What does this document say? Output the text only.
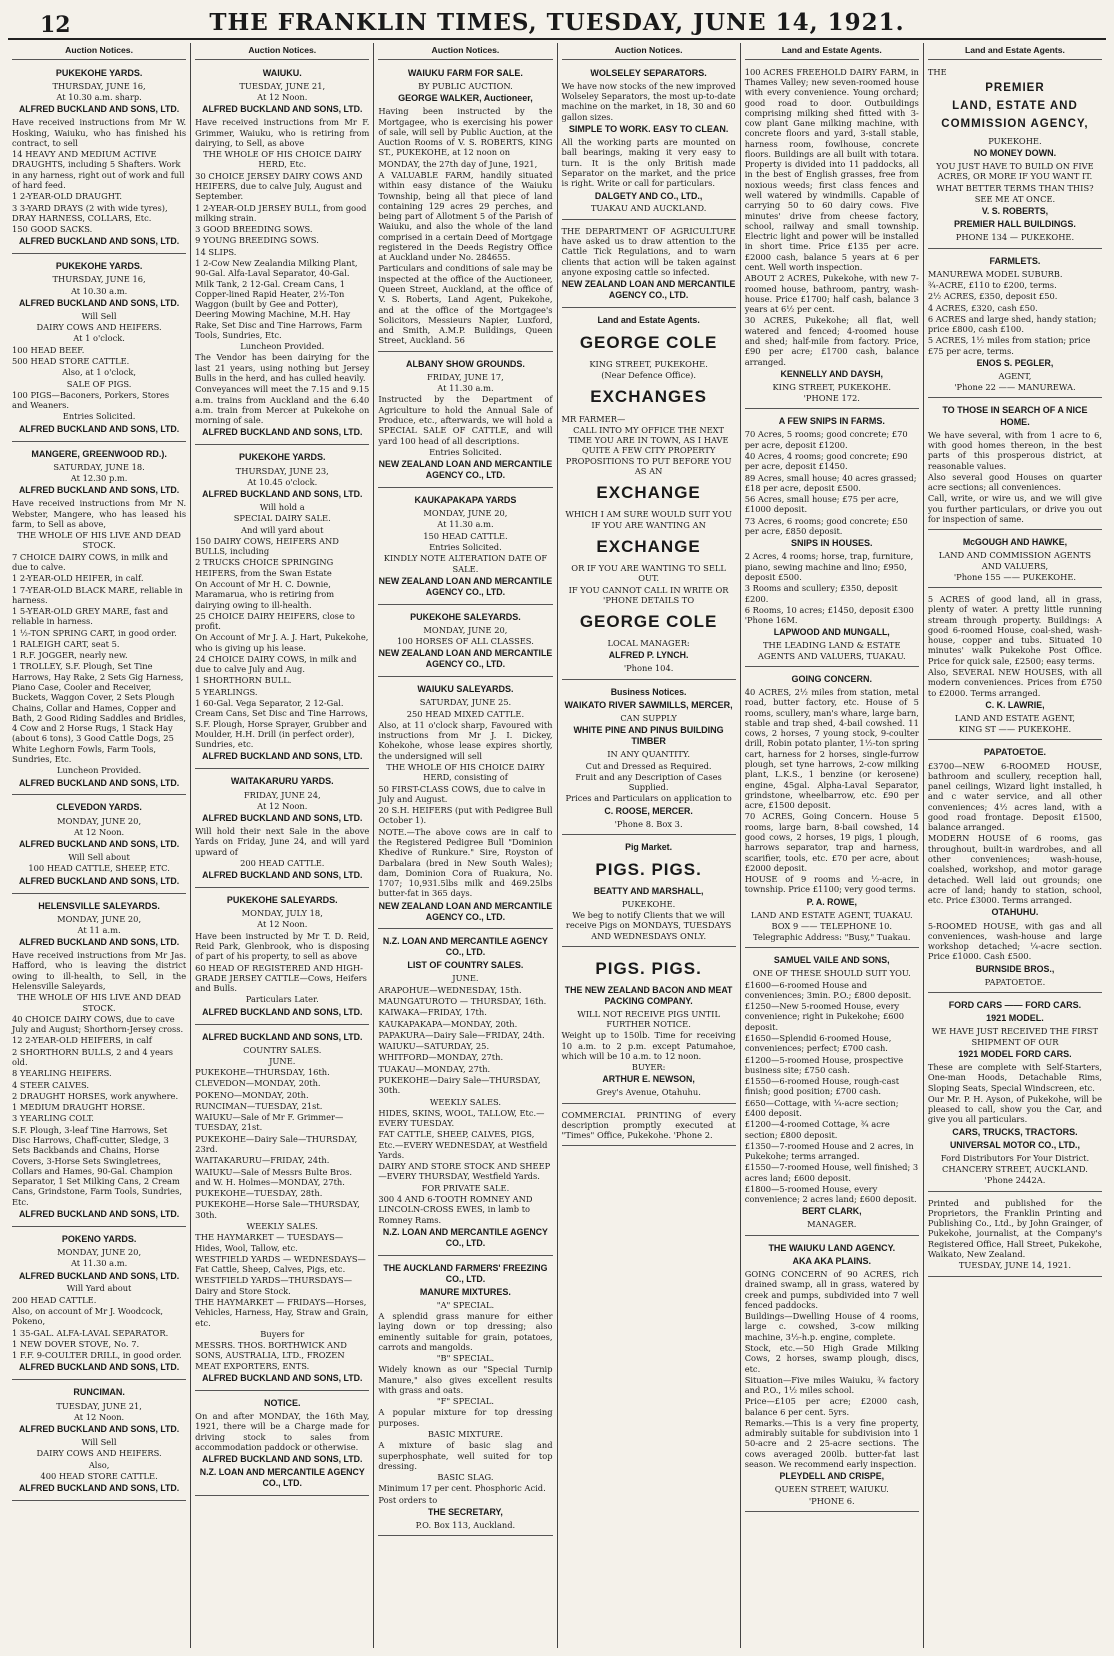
12	THE FRANKLIN TIMES, TUESDAY, JUNE 14, 1921.
Auction Notices.
PUKEKOHE YARDS.
THURSDAY, JUNE 16,
At 10.30 a.m. sharp.
ALFRED BUCKLAND AND SONS, LTD.
Have received instructions from Mr W. Hosking, Waiuku, who has finished his contract, to sell
14 HEAVY AND MEDIUM ACTIVE DRAUGHTS, including 5 Shafters. Work in any harness, right out of work and full of hard feed.
1 2-YEAR-OLD DRAUGHT.
3 3-YARD DRAYS (2 with wide tyres), DRAY HARNESS, COLLARS, Etc.
150 GOOD SACKS.
ALFRED BUCKLAND AND SONS, LTD.
PUKEKOHE YARDS.
THURSDAY, JUNE 16,
At 10.30 a.m.
ALFRED BUCKLAND AND SONS, LTD.
Will Sell
DAIRY COWS AND HEIFERS.
At 1 o'clock.
100 HEAD BEEF.
500 HEAD STORE CATTLE.
Also, at 1 o'clock,
SALE OF PIGS.
100 PIGS—Baconers, Porkers, Stores and Weaners.
Entries Solicited.
ALFRED BUCKLAND AND SONS, LTD.
MANGERE, GREENWOOD RD.).
SATURDAY, JUNE 18.
At 12.30 p.m.
ALFRED BUCKLAND AND SONS, LTD.
Have received instructions from Mr N. Webster, Mangere, who has leased his farm, to Sell as above,
THE WHOLE OF HIS LIVE AND DEAD STOCK.
7 CHOICE DAIRY COWS, in milk and due to calve.
1 2-YEAR-OLD HEIFER, in calf.
1 7-YEAR-OLD BLACK MARE, reliable in harness.
1 5-YEAR-OLD GREY MARE, fast and reliable in harness.
1 ½-TON SPRING CART, in good order.
1 RALEIGH CART, seat 5.
1 R.F. JOGGER, nearly new.
1 TROLLEY, S.F. Plough, Set Tine Harrows, Hay Rake, 2 Sets Gig Harness, Piano Case, Cooler and Receiver, Buckets, Waggon Cover, 2 Sets Plough Chains, Collar and Hames, Copper and Bath, 2 Good Riding Saddles and Bridles, 4 Cow and 2 Horse Rugs, 1 Stack Hay (about 6 tons), 3 Good Cattle Dogs, 25 White Leghorn Fowls, Farm Tools, Sundries, Etc.
Luncheon Provided.
ALFRED BUCKLAND AND SONS, LTD.
CLEVEDON YARDS.
MONDAY, JUNE 20,
At 12 Noon.
ALFRED BUCKLAND AND SONS, LTD.
Will Sell about
100 HEAD CATTLE, SHEEP, ETC.
ALFRED BUCKLAND AND SONS, LTD.
HELENSVILLE SALEYARDS.
MONDAY, JUNE 20,
At 11 a.m.
ALFRED BUCKLAND AND SONS, LTD.
Have received instructions from Mr Jas. Hafford, who is leaving the district owing to ill-health, to Sell, in the Helensville Saleyards,
THE WHOLE OF HIS LIVE AND DEAD STOCK.
40 CHOICE DAIRY COWS, due to cave July and August; Shorthorn-Jersey cross.
12 2-YEAR-OLD HEIFERS, in calf
2 SHORTHORN BULLS, 2 and 4 years old.
8 YEARLING HEIFERS.
4 STEER CALVES.
2 DRAUGHT HORSES, work anywhere.
1 MEDIUM DRAUGHT HORSE.
3 YEARLING COLT.
S.F. Plough, 3-leaf Tine Harrows, Set Disc Harrows, Chaff-cutter, Sledge, 3 Sets Backbands and Chains, Horse Covers, 3-Horse Sets Swingletrees, Collars and Hames, 90-Gal. Champion Separator, 1 Set Milking Cans, 2 Cream Cans, Grindstone, Farm Tools, Sundries, Etc.
ALFRED BUCKLAND AND SONS, LTD.
POKENO YARDS.
MONDAY, JUNE 20,
At 11.30 a.m.
ALFRED BUCKLAND AND SONS, LTD.
Will Yard about
200 HEAD CATTLE.
Also, on account of Mr J. Woodcock, Pokeno,
1 35-GAL. ALFA-LAVAL SEPARATOR.
1 NEW DOVER STOVE, No. 7.
1 F.F. 9-COULTER DRILL, in good order.
ALFRED BUCKLAND AND SONS, LTD.
RUNCIMAN.
TUESDAY, JUNE 21,
At 12 Noon.
ALFRED BUCKLAND AND SONS, LTD.
Will Sell
DAIRY COWS AND HEIFERS.
Also,
400 HEAD STORE CATTLE.
ALFRED BUCKLAND AND SONS, LTD.
Auction Notices.
WAIUKU.
TUESDAY, JUNE 21,
At 12 Noon.
ALFRED BUCKLAND AND SONS, LTD.
Have received instructions from Mr F. Grimmer, Waiuku, who is retiring from dairying, to Sell, as above
THE WHOLE OF HIS CHOICE DAIRY HERD, Etc.
30 CHOICE JERSEY DAIRY COWS AND HEIFERS, due to calve July, August and September.
1 2-YEAR-OLD JERSEY BULL, from good milking strain.
3 GOOD BREEDING SOWS.
9 YOUNG BREEDING SOWS.
14 SLIPS.
1 2-Cow New Zealandia Milking Plant, 90-Gal. Alfa-Laval Separator, 40-Gal. Milk Tank, 2 12-Gal. Cream Cans, 1 Copper-lined Rapid Heater, 2½-Ton Waggon (built by Gee and Potter), Deering Mowing Machine, M.H. Hay Rake, Set Disc and Tine Harrows, Farm Tools, Sundries, Etc.
Luncheon Provided.
The Vendor has been dairying for the last 21 years, using nothing but Jersey Bulls in the herd, and has culled heavily.
Conveyances will meet the 7.15 and 9.15 a.m. trains from Auckland and the 6.40 a.m. train from Mercer at Pukekohe on morning of sale.
ALFRED BUCKLAND AND SONS, LTD.
PUKEKOHE YARDS.
THURSDAY, JUNE 23,
At 10.45 o'clock.
ALFRED BUCKLAND AND SONS, LTD.
Will hold a
SPECIAL DAIRY SALE.
And will yard about
150 DAIRY COWS, HEIFERS AND BULLS, including
2 TRUCKS CHOICE SPRINGING HEIFERS, from the Swan Estate
On Account of Mr H. C. Downie, Maramarua, who is retiring from dairying owing to ill-health.
25 CHOICE DAIRY HEIFERS, close to profit.
On Account of Mr J. A. J. Hart, Pukekohe, who is giving up his lease.
24 CHOICE DAIRY COWS, in milk and due to calve July and Aug.
1 SHORTHORN BULL.
5 YEARLINGS.
1 60-Gal. Vega Separator, 2 12-Gal. Cream Cans, Set Disc and Tine Harrows, S.F. Plough, Horse Sprayer, Grubber and Moulder, H.H. Drill (in perfect order), Sundries, etc.
ALFRED BUCKLAND AND SONS, LTD.
WAITAKARURU YARDS.
FRIDAY, JUNE 24,
At 12 Noon.
ALFRED BUCKLAND AND SONS, LTD.
Will hold their next Sale in the above Yards on Friday, June 24, and will yard upward of
200 HEAD CATTLE.
ALFRED BUCKLAND AND SONS, LTD.
PUKEKOHE SALEYARDS.
MONDAY, JULY 18,
At 12 Noon.
Have been instructed by Mr T. D. Reid, Reid Park, Glenbrook, who is disposing of part of his property, to sell as above
60 HEAD OF REGISTERED AND HIGH-GRADE JERSEY CATTLE—Cows, Heifers and Bulls.
Particulars Later.
ALFRED BUCKLAND AND SONS, LTD.
ALFRED BUCKLAND AND SONS, LTD.
COUNTRY SALES.
JUNE.
PUKEKOHE—THURSDAY, 16th.
CLEVEDON—MONDAY, 20th.
POKENO—MONDAY, 20th.
RUNCIMAN—TUESDAY, 21st.
WAIUKU—Sale of Mr F. Grimmer—TUESDAY, 21st.
PUKEKOHE—Dairy Sale—THURSDAY, 23rd.
WAITAKARURU—FRIDAY, 24th.
WAIUKU—Sale of Messrs Bulte Bros. and W. H. Holmes—MONDAY, 27th.
PUKEKOHE—TUESDAY, 28th.
PUKEKOHE—Horse Sale—THURSDAY, 30th.
WEEKLY SALES.
THE HAYMARKET — TUESDAYS—Hides, Wool, Tallow, etc.
WESTFIELD YARDS — WEDNESDAYS—Fat Cattle, Sheep, Calves, Pigs, etc.
WESTFIELD YARDS—THURSDAYS—Dairy and Store Stock.
THE HAYMARKET — FRIDAYS—Horses, Vehicles, Harness, Hay, Straw and Grain, etc.
Buyers for
MESSRS. THOS. BORTHWICK AND SONS, AUSTRALIA, LTD., FROZEN MEAT EXPORTERS, ENTS.
ALFRED BUCKLAND AND SONS, LTD.
NOTICE.
On and after MONDAY, the 16th May, 1921, there will be a Charge made for driving stock to sales from accommodation paddock or otherwise.
ALFRED BUCKLAND AND SONS, LTD.
N.Z. LOAN AND MERCANTILE AGENCY CO., LTD.
Auction Notices.
WAIUKU FARM FOR SALE.
BY PUBLIC AUCTION.
GEORGE WALKER, Auctioneer,
Having been instructed by the Mortgagee, who is exercising his power of sale, will sell by Public Auction, at the Auction Rooms of V. S. ROBERTS, KING ST., PUKEKOHE, at 12 noon on
MONDAY, the 27th day of June, 1921,
A VALUABLE FARM, handily situated within easy distance of the Waiuku Township, being all that piece of land containing 129 acres 29 perches, and being part of Allotment 5 of the Parish of Waiuku, and also the whole of the land comprised in a certain Deed of Mortgage registered in the Deeds Registry Office at Auckland under No. 284655.
Particulars and conditions of sale may be inspected at the office of the Auctioneer, Queen Street, Auckland, at the office of V. S. Roberts, Land Agent, Pukekohe, and at the office of the Mortgagee's Solicitors, Messieurs Napier, Luxford, and Smith, A.M.P. Buildings, Queen Street, Auckland. 56
ALBANY SHOW GROUNDS.
FRIDAY, JUNE 17,
At 11.30 a.m.
Instructed by the Department of Agriculture to hold the Annual Sale of Produce, etc., afterwards, we will hold a SPECIAL SALE OF CATTLE, and will yard 100 head of all descriptions.
Entries Solicited.
NEW ZEALAND LOAN AND MERCANTILE AGENCY CO., LTD.
KAUKAPAKAPA YARDS
MONDAY, JUNE 20,
At 11.30 a.m.
150 HEAD CATTLE.
Entries Solicited.
KINDLY NOTE ALTERATION DATE OF SALE.
NEW ZEALAND LOAN AND MERCANTILE AGENCY CO., LTD.
PUKEKOHE SALEYARDS.
MONDAY, JUNE 20,
100 HORSES OF ALL CLASSES.
NEW ZEALAND LOAN AND MERCANTILE AGENCY CO., LTD.
WAIUKU SALEYARDS.
SATURDAY, JUNE 25.
250 HEAD MIXED CATTLE.
Also, at 11 o'clock sharp, Favoured with instructions from Mr J. I. Dickey, Kohekohe, whose lease expires shortly, the undersigned will sell
THE WHOLE OF HIS CHOICE DAIRY HERD, consisting of
50 FIRST-CLASS COWS, due to calve in July and August.
20 S.H. HEIFERS (put with Pedigree Bull October 1).
NOTE.—The above cows are in calf to the Registered Pedigree Bull "Dominion Khedive of Runkure." Sire, Royston of Darbalara (bred in New South Wales); dam, Dominion Cora of Ruakura, No. 1707; 10,931.5lbs milk and 469.25lbs butter-fat in 365 days.
NEW ZEALAND LOAN AND MERCANTILE AGENCY CO., LTD.
N.Z. LOAN AND MERCANTILE AGENCY CO., LTD.
LIST OF COUNTRY SALES.
JUNE.
ARAPOHUE—WEDNESDAY, 15th.
MAUNGATUROTO — THURSDAY, 16th.
KAIWAKA—FRIDAY, 17th.
KAUKAPAKAPA—MONDAY, 20th.
PAPAKURA—Dairy Sale—FRIDAY, 24th.
WAIUKU—SATURDAY, 25.
WHITFORD—MONDAY, 27th.
TUAKAU—MONDAY, 27th.
PUKEKOHE—Dairy Sale—THURSDAY, 30th.
WEEKLY SALES.
HIDES, SKINS, WOOL, TALLOW, Etc.—EVERY TUESDAY.
FAT CATTLE, SHEEP, CALVES, PIGS, Etc.—EVERY WEDNESDAY, at Westfield Yards.
DAIRY AND STORE STOCK AND SHEEP—EVERY THURSDAY, Westfield Yards.
FOR PRIVATE SALE.
300 4 AND 6-TOOTH ROMNEY AND LINCOLN-CROSS EWES, in lamb to Romney Rams.
N.Z. LOAN AND MERCANTILE AGENCY CO., LTD.
THE AUCKLAND FARMERS' FREEZING CO., LTD.
MANURE MIXTURES.
"A" SPECIAL.
A splendid grass manure for either laying down or top dressing; also eminently suitable for grain, potatoes, carrots and mangolds.
"B" SPECIAL.
Widely known as our "Special Turnip Manure," also gives excellent results with grass and oats.
"F" SPECIAL.
A popular mixture for top dressing purposes.
BASIC MIXTURE.
A mixture of basic slag and superphosphate, well suited for top dressing.
BASIC SLAG.
Minimum 17 per cent. Phosphoric Acid.
Post orders to
THE SECRETARY,
P.O. Box 113, Auckland.
Auction Notices.
WOLSELEY SEPARATORS.
We have now stocks of the new improved Wolseley Separators, the most up-to-date machine on the market, in 18, 30 and 60 gallon sizes.
SIMPLE TO WORK. EASY TO CLEAN.
All the working parts are mounted on ball bearings, making it very easy to turn. It is the only British made Separator on the market, and the price is right. Write or call for particulars.
DALGETY AND CO., LTD.,
TUAKAU AND AUCKLAND.
THE DEPARTMENT OF AGRICULTURE have asked us to draw attention to the Cattle Tick Regulations, and to warn clients that action will be taken against anyone exposing cattle so infected.
NEW ZEALAND LOAN AND MERCANTILE AGENCY CO., LTD.
Land and Estate Agents.
GEORGE COLE
KING STREET, PUKEKOHE.
(Near Defence Office).
EXCHANGES
MR FARMER—
CALL INTO MY OFFICE THE NEXT TIME YOU ARE IN TOWN, AS I HAVE QUITE A FEW CITY PROPERTY PROPOSITIONS TO PUT BEFORE YOU AS AN
EXCHANGE
WHICH I AM SURE WOULD SUIT YOU IF YOU ARE WANTING AN
EXCHANGE
OR IF YOU ARE WANTING TO SELL OUT.
IF YOU CANNOT CALL IN WRITE OR 'PHONE DETAILS TO
GEORGE COLE
LOCAL MANAGER:
ALFRED P. LYNCH.
'Phone 104.
Business Notices.
WAIKATO RIVER SAWMILLS, MERCER,
CAN SUPPLY
WHITE PINE AND PINUS BUILDING TIMBER
IN ANY QUANTITY.
Cut and Dressed as Required.
Fruit and any Description of Cases Supplied.
Prices and Particulars on application to
C. ROOSE, MERCER.
'Phone 8. Box 3.
Pig Market.
PIGS. PIGS.
BEATTY AND MARSHALL,
PUKEKOHE.
We beg to notify Clients that we will receive Pigs on MONDAYS, TUESDAYS AND WEDNESDAYS ONLY.
PIGS. PIGS.
THE NEW ZEALAND BACON AND MEAT PACKING COMPANY.
WILL NOT RECEIVE PIGS UNTIL FURTHER NOTICE.
Weight up to 150lb. Time for receiving 10 a.m. to 2 p.m. except Patumahoe, which will be 10 a.m. to 12 noon.
BUYER:
ARTHUR E. NEWSON,
Grey's Avenue, Otahuhu.
COMMERCIAL PRINTING of every description promptly executed at "Times" Office, Pukekohe. 'Phone 2.
Land and Estate Agents.
100 ACRES FREEHOLD DAIRY FARM, in Thames Valley; new seven-roomed house with every convenience. Young orchard; good road to door. Outbuildings comprising milking shed fitted with 3-cow plant Gane milking machine, with concrete floors and yard, 3-stall stable, harness room, fowlhouse, concrete floors. Buildings are all built with totara. Property is divided into 11 paddocks, all in the best of English grasses, free from noxious weeds; first class fences and well watered by windmills. Capable of carrying 50 to 60 dairy cows. Five minutes' drive from cheese factory, school, railway and small township. Electric light and power will be installed in short time. Price £135 per acre. £2000 cash, balance 5 years at 6 per cent. Well worth inspection.
ABOUT 2 ACRES, Pukekohe, with new 7-roomed house, bathroom, pantry, wash-house. Price £1700; half cash, balance 3 years at 6½ per cent.
30 ACRES, Pukekohe; all flat, well watered and fenced; 4-roomed house and shed; half-mile from factory. Price, £90 per acre; £1700 cash, balance arranged.
KENNELLY AND DAYSH,
KING STREET, PUKEKOHE.
'PHONE 172.
A FEW SNIPS IN FARMS.
70 Acres, 5 rooms; good concrete; £70 per acre, deposit £1200.
40 Acres, 4 rooms; good concrete; £90 per acre, deposit £1450.
89 Acres, small house; 40 acres grassed; £18 per acre, deposit £500.
56 Acres, small house; £75 per acre, £1000 deposit.
73 Acres, 6 rooms; good concrete; £50 per acre, £850 deposit.
SNIPS IN HOUSES.
2 Acres, 4 rooms; horse, trap, furniture, piano, sewing machine and lino; £950, deposit £500.
3 Rooms and scullery; £350, deposit £200.
6 Rooms, 10 acres; £1450, deposit £300 'Phone 16M.
LAPWOOD AND MUNGALL,
THE LEADING LAND & ESTATE AGENTS AND VALUERS, TUAKAU.
GOING CONCERN.
40 ACRES, 2½ miles from station, metal road, butter factory, etc. House of 5 rooms, scullery, man's whare, large barn, stable and trap shed, 4-bail cowshed. 11 cows, 2 horses, 7 young stock, 9-coulter drill, Robin potato planter, 1½-ton spring cart, harness for 2 horses, single-furrow plough, set tyne harrows, 2-cow milking plant, L.K.S., 1 benzine (or kerosene) engine, 45gal. Alpha-Laval Separator, grindstone, wheelbarrow, etc. £90 per acre, £1500 deposit.
70 ACRES, Going Concern. House 5 rooms, large barn, 8-bail cowshed, 14 good cows, 2 horses, 19 pigs, 1 plough, harrows separator, trap and harness, scarifier, tools, etc. £70 per acre, about £2000 deposit.
HOUSE of 9 rooms and ½-acre, in township. Price £1100; very good terms.
P. A. ROWE,
LAND AND ESTATE AGENT, TUAKAU.
BOX 9 —— TELEPHONE 10.
Telegraphic Address: "Busy," Tuakau.
SAMUEL VAILE AND SONS,
ONE OF THESE SHOULD SUIT YOU.
£1600—6-roomed House and conveniences; 3min. P.O.; £800 deposit.
£1250—New 5-roomed House, every convenience; right in Pukekohe; £600 deposit.
£1650—Splendid 6-roomed House, conveniences; perfect; £700 cash.
£1200—5-roomed House, prospective business site; £750 cash.
£1550—6-roomed House, rough-cast finish; good position; £700 cash.
£650—Cottage, with ¼-acre section; £400 deposit.
£1200—4-roomed Cottage, ¾ acre section; £800 deposit.
£1350—7-roomed House and 2 acres, in Pukekohe; terms arranged.
£1550—7-roomed House, well finished; 3 acres land; £600 deposit.
£1800—5-roomed House, every convenience; 2 acres land; £600 deposit.
BERT CLARK,
MANAGER.
THE WAIUKU LAND AGENCY.
AKA AKA PLAINS.
GOING CONCERN of 90 ACRES, rich drained swamp, all in grass, watered by creek and pumps, subdivided into 7 well fenced paddocks.
Buildings—Dwelling House of 4 rooms, large c. cowshed, 3-cow milking machine, 3½-h.p. engine, complete.
Stock, etc.—50 High Grade Milking Cows, 2 horses, swamp plough, discs, etc.
Situation—Five miles Waiuku, ¾ factory and P.O., 1½ miles school.
Price—£105 per acre; £2000 cash, balance 6 per cent. 5yrs.
Remarks.—This is a very fine property, admirably suitable for subdivision into 1 50-acre and 2 25-acre sections. The cows averaged 200lb. butter-fat last season. We recommend early inspection.
PLEYDELL AND CRISPE,
QUEEN STREET, WAIUKU.
'PHONE 6.
Land and Estate Agents.
THE
PREMIER
LAND, ESTATE AND
COMMISSION AGENCY,
PUKEKOHE.
NO MONEY DOWN.
YOU JUST HAVE TO BUILD ON FIVE ACRES, OR MORE IF YOU WANT IT.
WHAT BETTER TERMS THAN THIS?
SEE ME AT ONCE.
V. S. ROBERTS,
PREMIER HALL BUILDINGS.
PHONE 134 — PUKEKOHE.
FARMLETS.
MANUREWA MODEL SUBURB.
¾-ACRE, £110 to £200, terms.
2½ ACRES, £350, deposit £50.
4 ACRES, £320, cash £50.
6 ACRES and large shed, handy station; price £800, cash £100.
5 ACRES, 1½ miles from station; price £75 per acre, terms.
ENOS S. PEGLER,
AGENT,
'Phone 22 —— MANUREWA.
TO THOSE IN SEARCH OF A NICE HOME.
We have several, with from 1 acre to 6, with good homes thereon, in the best parts of this prosperous district, at reasonable values.
Also several good Houses on quarter acre sections; all conveniences.
Call, write, or wire us, and we will give you further particulars, or drive you out for inspection of same.
McGOUGH AND HAWKE,
LAND AND COMMISSION AGENTS AND VALUERS,
'Phone 155 —— PUKEKOHE.
5 ACRES of good land, all in grass, plenty of water. A pretty little running stream through property. Buildings: A good 6-roomed House, coal-shed, wash-house, copper and tubs. Situated 10 minutes' walk Pukekohe Post Office. Price for quick sale, £2500; easy terms.
Also, SEVERAL NEW HOUSES, with all modern conveniences. Prices from £750 to £2000. Terms arranged.
C. K. LAWRIE,
LAND AND ESTATE AGENT,
KING ST —— PUKEKOHE.
PAPATOETOE.
£3700—NEW 6-ROOMED HOUSE, bathroom and scullery, reception hall, panel ceilings, Wizard light installed, h and c water service, and all other conveniences; 4½ acres land, with a good road frontage. Deposit £1500, balance arranged.
MODERN HOUSE of 6 rooms, gas throughout, built-in wardrobes, and all other conveniences; wash-house, coalshed, workshop, and motor garage detached. Well laid out grounds; one acre of land; handy to station, school, etc. Price £3000. Terms arranged.
OTAHUHU.
5-ROOMED HOUSE, with gas and all conveniences, wash-house and large workshop detached; ¼-acre section. Price £1000. Cash £500.
BURNSIDE BROS.,
PAPATOETOE.
FORD CARS —— FORD CARS.
1921 MODEL.
WE HAVE JUST RECEIVED THE FIRST SHIPMENT OF OUR
1921 MODEL FORD CARS.
These are complete with Self-Starters, One-man Hoods, Detachable Rims, Sloping Seats, Special Windscreen, etc.
Our Mr. P. H. Ayson, of Pukekohe, will be pleased to call, show you the Car, and give you all particulars.
CARS, TRUCKS, TRACTORS.
UNIVERSAL MOTOR CO., LTD.,
Ford Distributors For Your District.
CHANCERY STREET, AUCKLAND.
'Phone 2442A.
Printed and published for the Proprietors, the Franklin Printing and Publishing Co., Ltd., by John Grainger, of Pukekohe, journalist, at the Company's Registered Office, Hall Street, Pukekohe, Waikato, New Zealand.
TUESDAY, JUNE 14, 1921.
